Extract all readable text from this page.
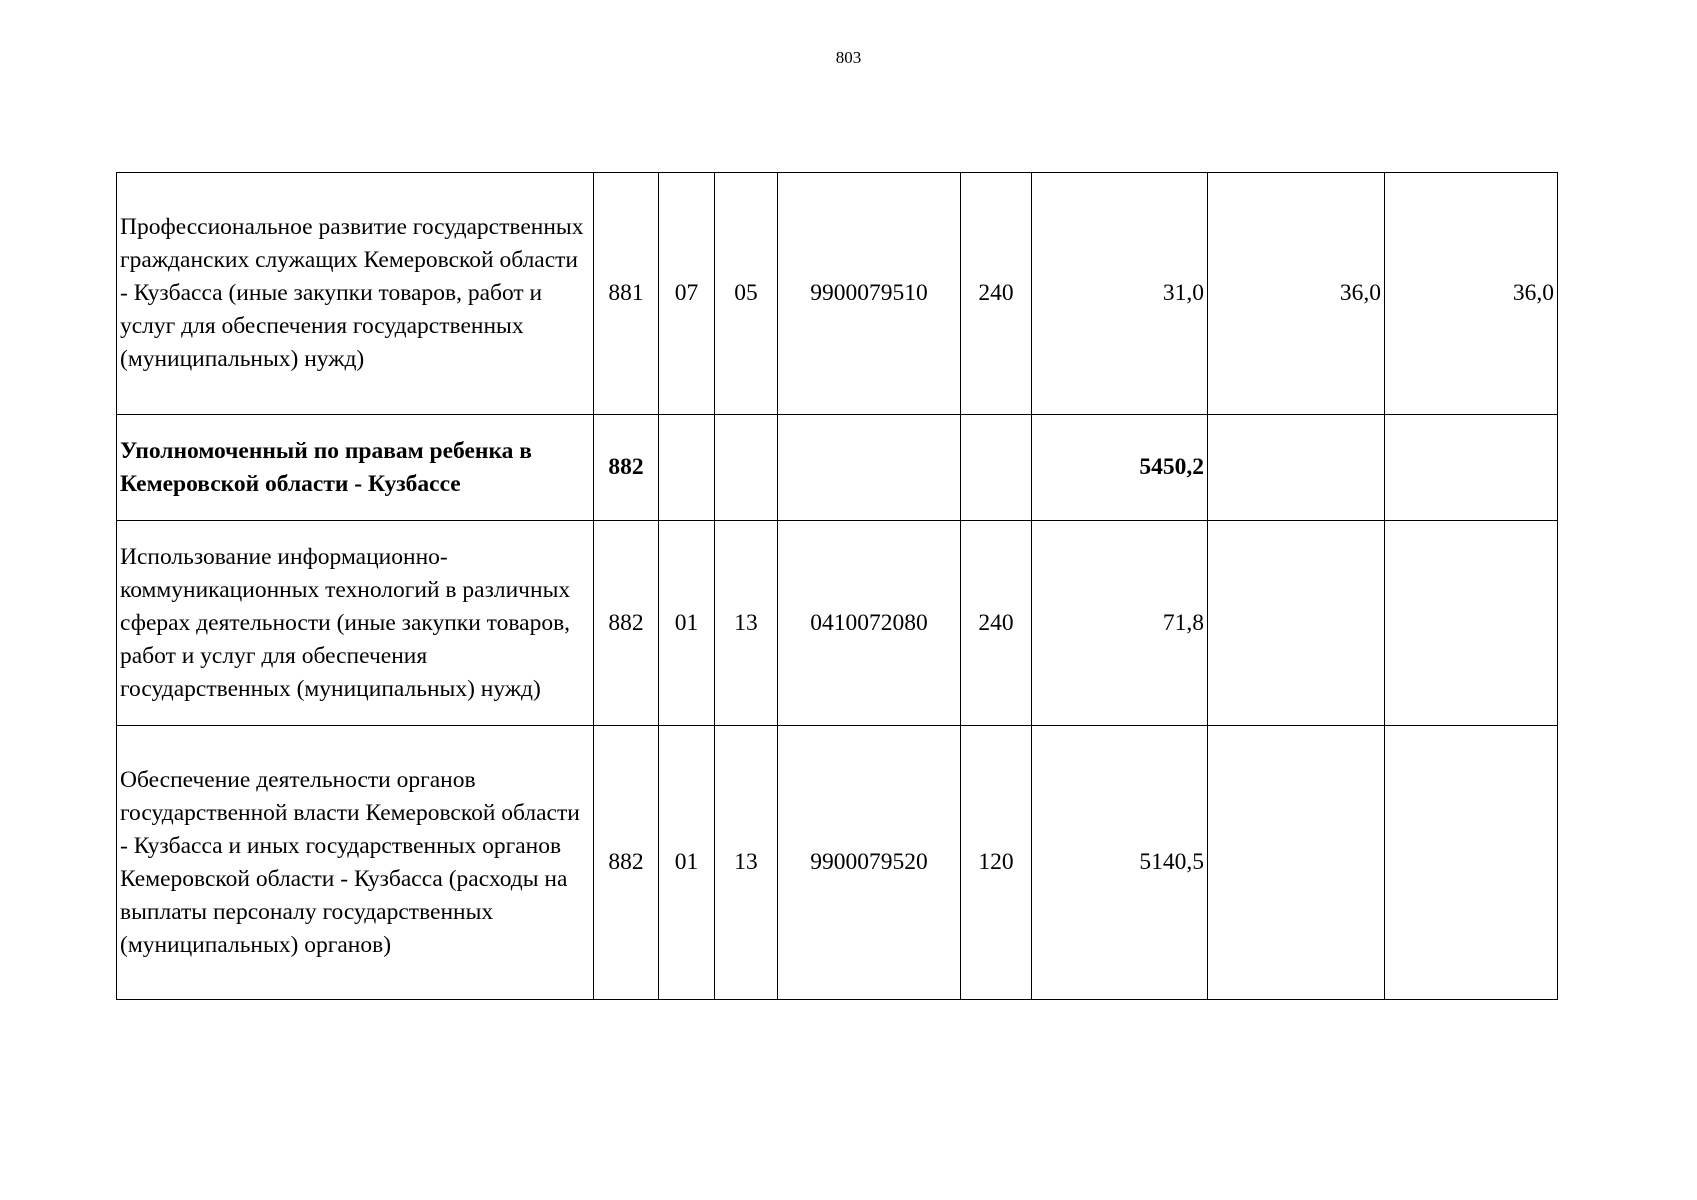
803
Профессиональное развитие государственных гражданских служащих Кемеровской области - Кузбасса (иные закупки товаров, работ и услуг для обеспечения государственных (муниципальных) нужд)	881	07	05	9900079510	240	31,0	36,0	36,0
Уполномоченный по правам ребенка в Кемеровской области - Кузбассе	882					5450,2		
Использование информационно-коммуникационных технологий в различных сферах деятельности (иные закупки товаров, работ и услуг для обеспечения государственных (муниципальных) нужд)	882	01	13	0410072080	240	71,8		
Обеспечение деятельности органов государственной власти Кемеровской области - Кузбасса и иных государственных органов Кемеровской области - Кузбасса (расходы на выплаты персоналу государственных (муниципальных) органов)	882	01	13	9900079520	120	5140,5		
